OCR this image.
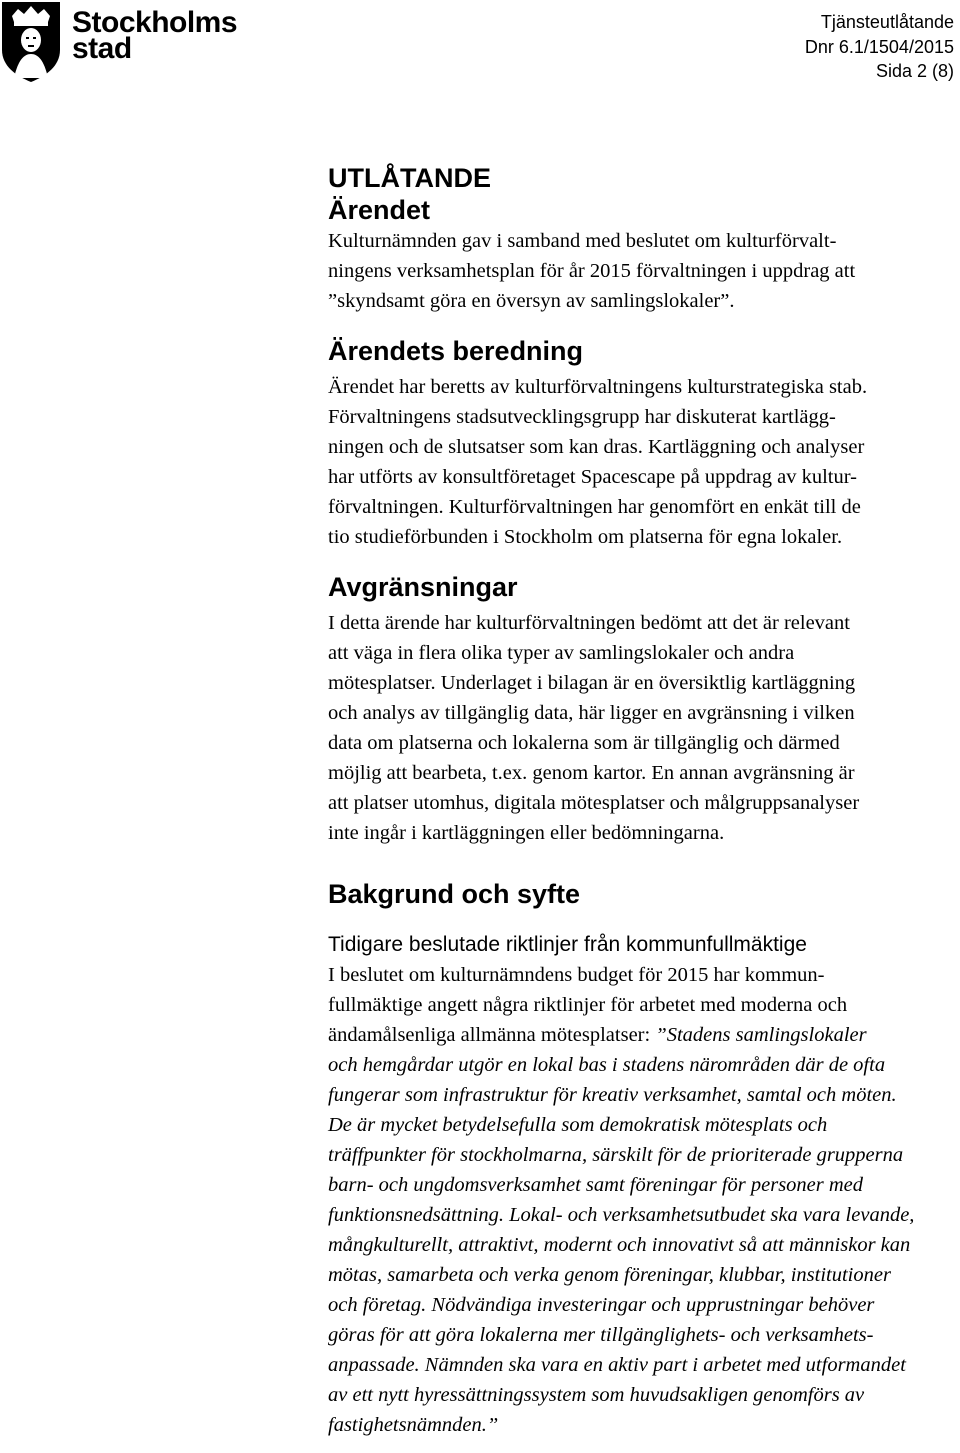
Stockholms
stad
Tjänsteutlåtande
Dnr 6.1/1504/2015
Sida 2 (8)
UTLÅTANDE
Ärendet
Kulturnämnden gav i samband med beslutet om kulturförvalt-
ningens verksamhetsplan för år 2015 förvaltningen i uppdrag att
”skyndsamt göra en översyn av samlingslokaler”.
Ärendets beredning
Ärendet har beretts av kulturförvaltningens kulturstrategiska stab.
Förvaltningens stadsutvecklingsgrupp har diskuterat kartlägg-
ningen och de slutsatser som kan dras. Kartläggning och analyser
har utförts av konsultföretaget Spacescape på uppdrag av kultur-
förvaltningen. Kulturförvaltningen har genomfört en enkät till de
tio studieförbunden i Stockholm om platserna för egna lokaler.
Avgränsningar
I detta ärende har kulturförvaltningen bedömt att det är relevant
att väga in flera olika typer av samlingslokaler och andra
mötesplatser. Underlaget i bilagan är en översiktlig kartläggning
och analys av tillgänglig data, här ligger en avgränsning i vilken
data om platserna och lokalerna som är tillgänglig och därmed
möjlig att bearbeta, t.ex. genom kartor. En annan avgränsning är
att platser utomhus, digitala mötesplatser och målgruppsanalyser
inte ingår i kartläggningen eller bedömningarna.
Bakgrund och syfte
Tidigare beslutade riktlinjer från kommunfullmäktige
I beslutet om kulturnämndens budget för 2015 har kommun-
fullmäktige angett några riktlinjer för arbetet med moderna och
ändamålsenliga allmänna mötesplatser: ”Stadens samlingslokaler
och hemgårdar utgör en lokal bas i stadens närområden där de ofta
fungerar som infrastruktur för kreativ verksamhet, samtal och möten.
De är mycket betydelsefulla som demokratisk mötesplats och
träffpunkter för stockholmarna, särskilt för de prioriterade grupperna
barn- och ungdomsverksamhet samt föreningar för personer med
funktionsnedsättning. Lokal- och verksamhetsutbudet ska vara levande,
mångkulturellt, attraktivt, modernt och innovativt så att människor kan
mötas, samarbeta och verka genom föreningar, klubbar, institutioner
och företag. Nödvändiga investeringar och upprustningar behöver
göras för att göra lokalerna mer tillgänglighets- och verksamhets-
anpassade. Nämnden ska vara en aktiv part i arbetet med utformandet
av ett nytt hyressättningssystem som huvudsakligen genomförs av
fastighetsnämnden.”
